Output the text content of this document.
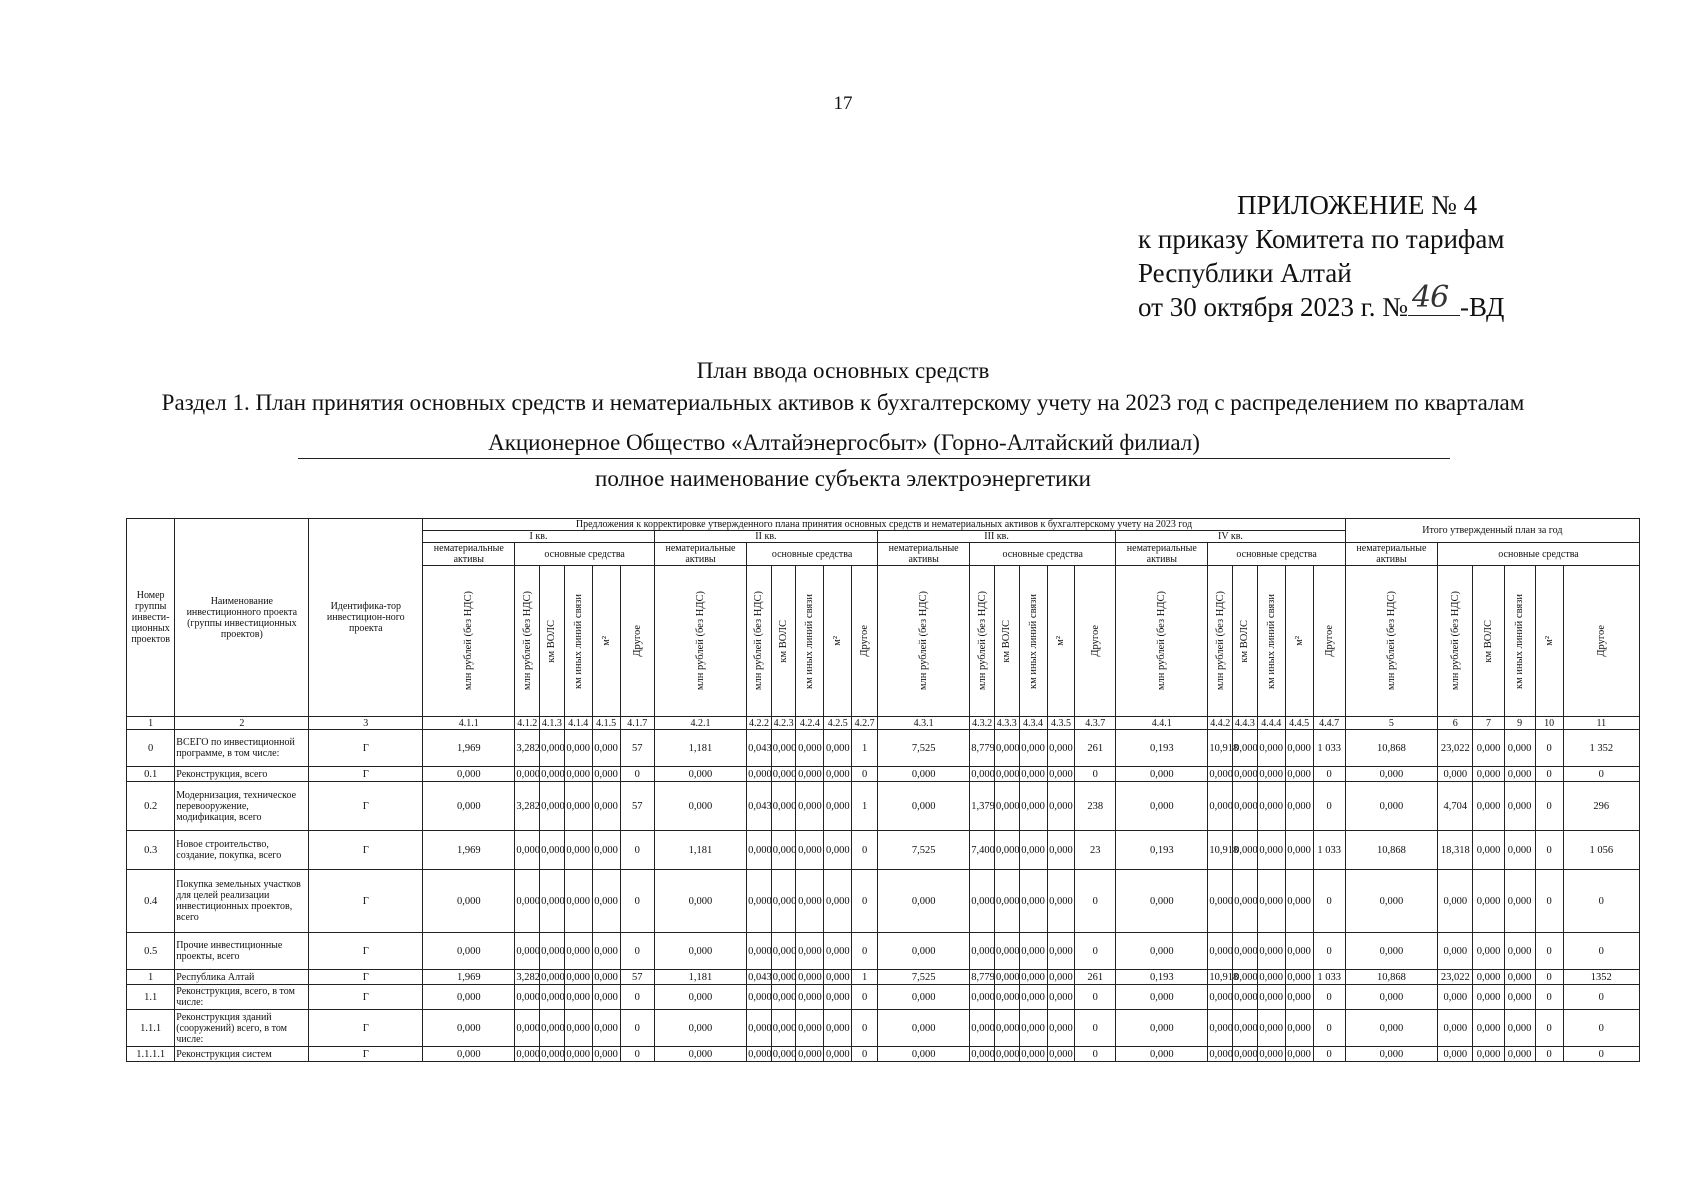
17
ПРИЛОЖЕНИЕ № 4
к приказу Комитета по тарифам
Республики Алтай
от 30 октября 2023 г. № 46 -ВД
План ввода основных средств
Раздел 1. План принятия основных средств и нематериальных активов к бухгалтерскому учету на 2023 год с распределением по кварталам
Акционерное Общество «Алтайэнергосбыт» (Горно-Алтайский филиал)
полное наименование субъекта электроэнергетики
Номер группы инвести-ционных проектов	Наименование инвестиционного проекта (группы инвестиционных проектов)	Идентифика-тор инвестицион-ного проекта	Предложения к корректировке утвержденного плана принятия основных средств и нематериальных активов к бухгалтерскому учету на 2023 год																								Итого утвержденный план за год					
			I кв.						II кв.						III кв.						IV кв.											
			нематериальные активы	основные средства					нематериальные активы	основные средства					нематериальные активы	основные средства					нематериальные активы	основные средства					нематериальные активы	основные средства				

			млн рублей (без НДС)	млн рублей (без НДС)	км ВОЛС	км иных линий связи	м²	Другое	млн рублей (без НДС)	млн рублей (без НДС)	км ВОЛС	км иных линий связи	м²	Другое	млн рублей (без НДС)	млн рублей (без НДС)	км ВОЛС	км иных линий связи	м²	Другое	млн рублей (без НДС)	млн рублей (без НДС)	км ВОЛС	км иных линий связи	м²	Другое	млн рублей (без НДС)	млн рублей (без НДС)	км ВОЛС	км иных линий связи	м²	Другое

1	2	3	4.1.1	4.1.2	4.1.3	4.1.4	4.1.5	4.1.7	4.2.1	4.2.2	4.2.3	4.2.4	4.2.5	4.2.7	4.3.1	4.3.2	4.3.3	4.3.4	4.3.5	4.3.7	4.4.1	4.4.2	4.4.3	4.4.4	4.4.5	4.4.7	5	6	7	9	10	11
0	ВСЕГО по инвестиционной программе, в том числе:	Г	1,969	3,282	0,000	0,000	0,000	57	1,181	0,043	0,000	0,000	0,000	1	7,525	8,779	0,000	0,000	0,000	261	0,193	10,918	0,000	0,000	0,000	1 033	10,868	23,022	0,000	0,000	0	1 352
0.1	Реконструкция, всего	Г	0,000	0,000	0,000	0,000	0,000	0	0,000	0,000	0,000	0,000	0,000	0	0,000	0,000	0,000	0,000	0,000	0	0,000	0,000	0,000	0,000	0,000	0	0,000	0,000	0,000	0,000	0	0
0.2	Модернизация, техническое перевооружение, модификация, всего	Г	0,000	3,282	0,000	0,000	0,000	57	0,000	0,043	0,000	0,000	0,000	1	0,000	1,379	0,000	0,000	0,000	238	0,000	0,000	0,000	0,000	0,000	0	0,000	4,704	0,000	0,000	0	296
0.3	Новое строительство, создание, покупка, всего	Г	1,969	0,000	0,000	0,000	0,000	0	1,181	0,000	0,000	0,000	0,000	0	7,525	7,400	0,000	0,000	0,000	23	0,193	10,918	0,000	0,000	0,000	1 033	10,868	18,318	0,000	0,000	0	1 056
0.4	Покупка земельных участков для целей реализации инвестиционных проектов, всего	Г	0,000	0,000	0,000	0,000	0,000	0	0,000	0,000	0,000	0,000	0,000	0	0,000	0,000	0,000	0,000	0,000	0	0,000	0,000	0,000	0,000	0,000	0	0,000	0,000	0,000	0,000	0	0
0.5	Прочие инвестиционные проекты, всего	Г	0,000	0,000	0,000	0,000	0,000	0	0,000	0,000	0,000	0,000	0,000	0	0,000	0,000	0,000	0,000	0,000	0	0,000	0,000	0,000	0,000	0,000	0	0,000	0,000	0,000	0,000	0	0
1	Республика Алтай	Г	1,969	3,282	0,000	0,000	0,000	57	1,181	0,043	0,000	0,000	0,000	1	7,525	8,779	0,000	0,000	0,000	261	0,193	10,918	0,000	0,000	0,000	1 033	10,868	23,022	0,000	0,000	0	1352
1.1	Реконструкция, всего, в том числе:	Г	0,000	0,000	0,000	0,000	0,000	0	0,000	0,000	0,000	0,000	0,000	0	0,000	0,000	0,000	0,000	0,000	0	0,000	0,000	0,000	0,000	0,000	0	0,000	0,000	0,000	0,000	0	0
1.1.1	Реконструкция зданий (сооружений) всего, в том числе:	Г	0,000	0,000	0,000	0,000	0,000	0	0,000	0,000	0,000	0,000	0,000	0	0,000	0,000	0,000	0,000	0,000	0	0,000	0,000	0,000	0,000	0,000	0	0,000	0,000	0,000	0,000	0	0
1.1.1.1	Реконструкция систем	Г	0,000	0,000	0,000	0,000	0,000	0	0,000	0,000	0,000	0,000	0,000	0	0,000	0,000	0,000	0,000	0,000	0	0,000	0,000	0,000	0,000	0,000	0	0,000	0,000	0,000	0,000	0	0
